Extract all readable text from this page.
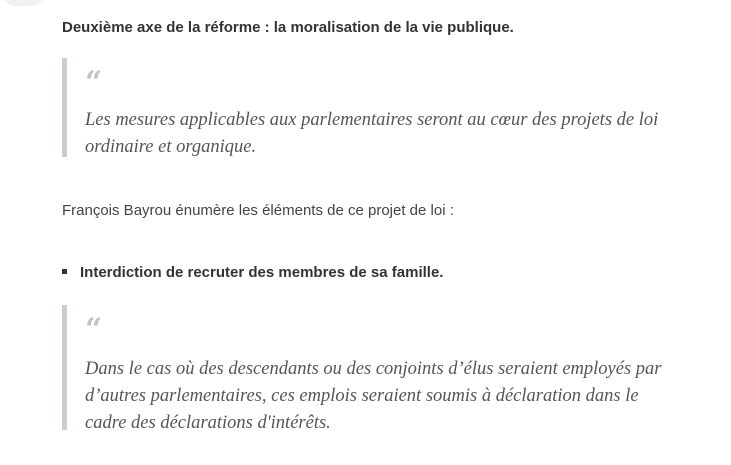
Deuxième axe de la réforme : la moralisation de la vie publique.
“
Les mesures applicables aux parlementaires seront au cœur des projets de loi ordinaire et organique.

François Bayrou énumère les éléments de ce projet de loi :

Interdiction de recruter des membres de sa famille.
“
Dans le cas où des descendants ou des conjoints d’élus seraient employés par d’autres parlementaires, ces emplois seraient soumis à déclaration dans le cadre des déclarations d'intérêts.
